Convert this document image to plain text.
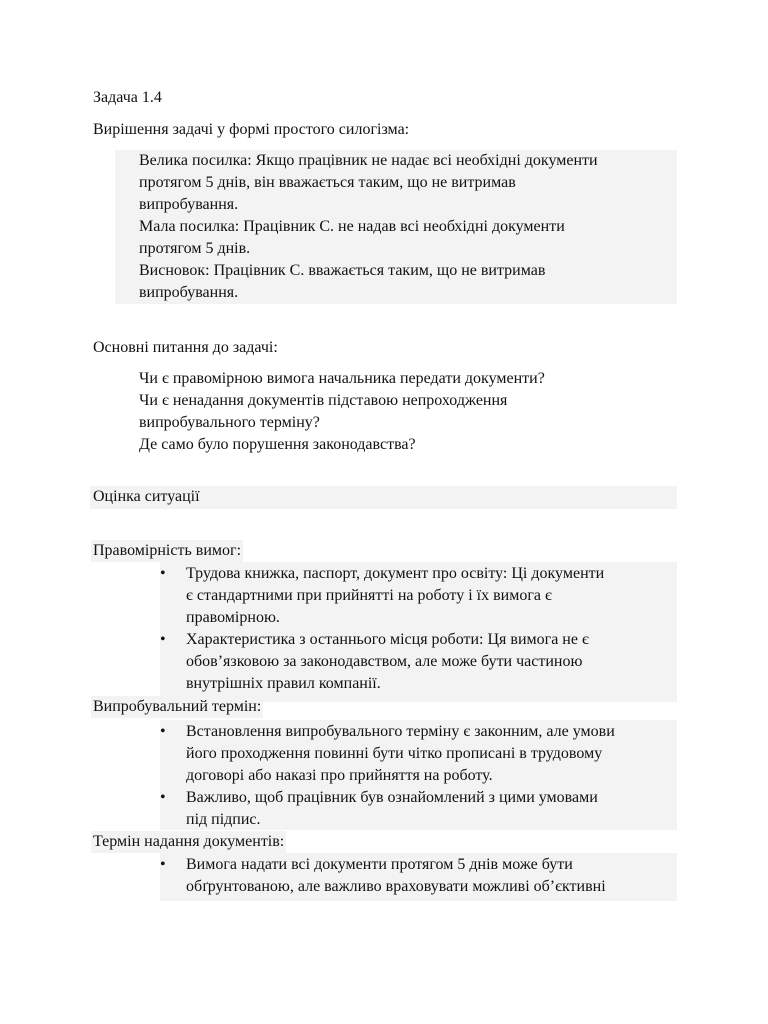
Задача 1.4
Вирішення задачі у формі простого силогізма:
Велика посилка: Якщо працівник не надає всі необхідні документи
протягом 5 днів, він вважається таким, що не витримав
випробування.
Мала посилка: Працівник С. не надав всі необхідні документи
протягом 5 днів.
Висновок: Працівник С. вважається таким, що не витримав
випробування.
Основні питання до задачі:
Чи є правомірною вимога начальника передати документи?
Чи є ненадання документів підставою непроходження
випробувального терміну?
Де само було порушення законодавства?
Оцінка ситуації
Правомірність вимог:
•	Трудова книжка, паспорт, документ про освіту: Ці документи
є стандартними при прийнятті на роботу і їх вимога є
правомірною.
•	Характеристика з останнього місця роботи: Ця вимога не є
обов’язковою за законодавством, але може бути частиною
внутрішніх правил компанії.
Випробувальний термін:
•	Встановлення випробувального терміну є законним, але умови
його проходження повинні бути чітко прописані в трудовому
договорі або наказі про прийняття на роботу.
•	Важливо, щоб працівник був ознайомлений з цими умовами
під підпис.
Термін надання документів:
•	Вимога надати всі документи протягом 5 днів може бути
обґрунтованою, але важливо враховувати можливі об’єктивні
